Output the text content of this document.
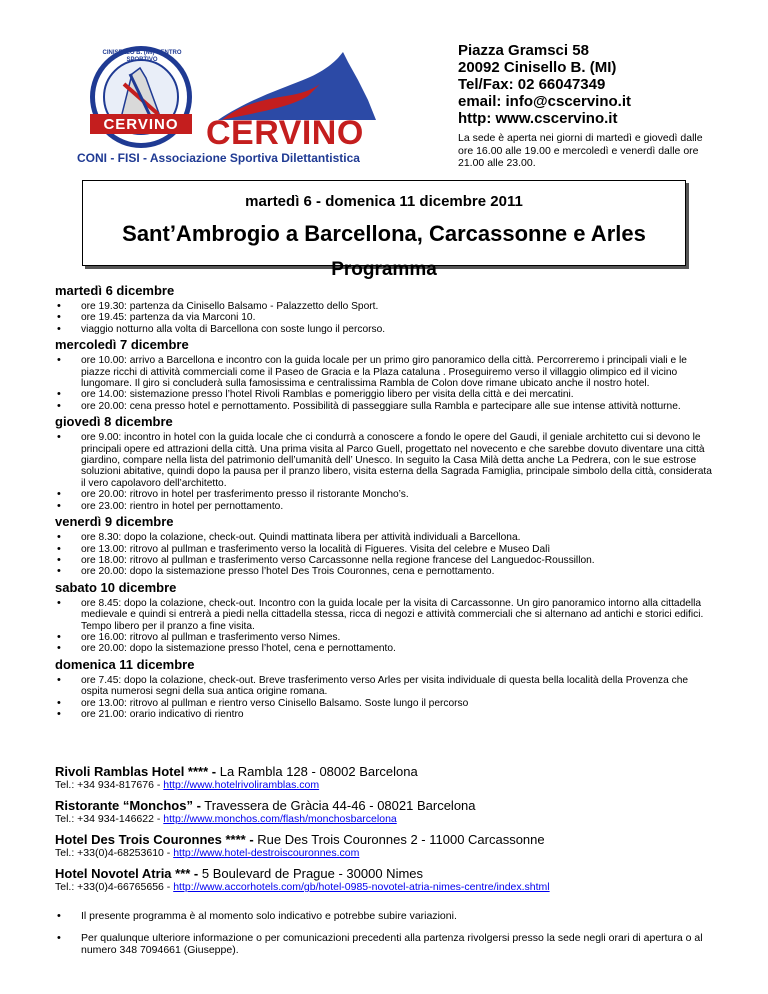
CERVINO
CINISELLO B. (MI) CENTRO SPORTIVO
CERVINO
CONI - FISI - Associazione Sportiva Dilettantistica
Piazza Gramsci 58
20092 Cinisello B. (MI)
Tel/Fax: 02 66047349
email: info@cscervino.it
http: www.cscervino.it
La sede è aperta nei giorni di martedì e giovedì dalle ore 16.00 alle 19.00 e mercoledì e venerdì dalle ore 21.00 alle 23.00.
martedì 6 - domenica 11 dicembre 2011
Sant’Ambrogio a Barcellona, Carcassonne e Arles
Programma
martedì 6 dicembre
• ore 19.30: partenza da Cinisello Balsamo - Palazzetto dello Sport.
• ore 19.45: partenza da via Marconi 10.
• viaggio notturno alla volta di Barcellona con soste lungo il percorso.
mercoledì 7 dicembre
• ore 10.00: arrivo a Barcellona e incontro con la guida locale per un primo giro panoramico della città. Percorreremo i principali viali e le piazze ricchi di attività commerciali come il Paseo de Gracia e la Plaza cataluna . Proseguiremo verso il villaggio olimpico ed il vicino lungomare. Il giro si concluderà sulla famosissima e centralissima Rambla de Colon dove rimane ubicato anche il nostro hotel.
• ore 14.00: sistemazione presso l’hotel Rivoli Ramblas e pomeriggio libero per visita della città e dei mercatini.
• ore 20.00: cena presso hotel e pernottamento. Possibilità di passeggiare sulla Rambla e partecipare alle sue intense attività notturne.
giovedì 8 dicembre
• ore 9.00: incontro in hotel con la guida locale che ci condurrà a conoscere a fondo le opere del Gaudi, il geniale architetto cui si devono le principali opere ed attrazioni della città. Una prima visita al Parco Guell, progettato nel novecento e che sarebbe dovuto diventare una città giardino, compare nella lista del patrimonio dell’umanità dell’ Unesco. In seguito la Casa Milà detta anche La Pedrera, con le sue estrose soluzioni abitative, quindi dopo la pausa per il pranzo libero, visita esterna della Sagrada Famiglia, principale simbolo della città, considerata il vero capolavoro dell’architetto.
• ore 20.00: ritrovo in hotel per trasferimento presso il ristorante Moncho’s.
• ore 23.00: rientro in hotel per pernottamento.
venerdì 9 dicembre
• ore 8.30: dopo la colazione, check-out. Quindi mattinata libera per attività individuali a Barcellona.
• ore 13.00: ritrovo al pullman e trasferimento verso la località di Figueres. Visita del celebre e Museo Dalì
• ore 18.00: ritrovo al pullman e trasferimento verso Carcassonne nella regione francese del Languedoc-Roussillon.
• ore 20.00: dopo la sistemazione presso l’hotel Des Trois Couronnes, cena e pernottamento.
sabato 10 dicembre
• ore 8.45: dopo la colazione, check-out. Incontro con la guida locale per la visita di Carcassonne. Un giro panoramico intorno alla cittadella medievale e quindi si entrerà a piedi nella cittadella stessa, ricca di negozi e attività commerciali che si alternano ad antichi e storici edifici. Tempo libero per il pranzo a fine visita.
• ore 16.00: ritrovo al pullman e trasferimento verso Nimes.
• ore 20.00: dopo la sistemazione presso l’hotel, cena e pernottamento.
domenica 11 dicembre
• ore 7.45: dopo la colazione, check-out. Breve trasferimento verso Arles per visita individuale di questa bella località della Provenza che ospita numerosi segni della sua antica origine romana.
• ore 13.00: ritrovo al pullman e rientro verso Cinisello Balsamo. Soste lungo il percorso
• ore 21.00: orario indicativo di rientro
Rivoli Ramblas Hotel **** - La Rambla 128 - 08002 Barcelona
Tel.: +34 934-817676 - http://www.hotelrivoliramblas.com
Ristorante “Monchos” - Travessera de Gràcia 44-46 - 08021 Barcelona
Tel.: +34 934-146622 - http://www.monchos.com/flash/monchosbarcelona
Hotel Des Trois Couronnes **** - Rue Des Trois Couronnes 2 - 11000 Carcassonne
Tel.: +33(0)4-68253610 - http://www.hotel-destroiscouronnes.com
Hotel Novotel Atria *** - 5 Boulevard de Prague - 30000 Nimes
Tel.: +33(0)4-66765656 - http://www.accorhotels.com/gb/hotel-0985-novotel-atria-nimes-centre/index.shtml
• Il presente programma è al momento solo indicativo e potrebbe subire variazioni.
• Per qualunque ulteriore informazione o per comunicazioni precedenti alla partenza rivolgersi presso la sede negli orari di apertura o al numero 348 7094661 (Giuseppe).
